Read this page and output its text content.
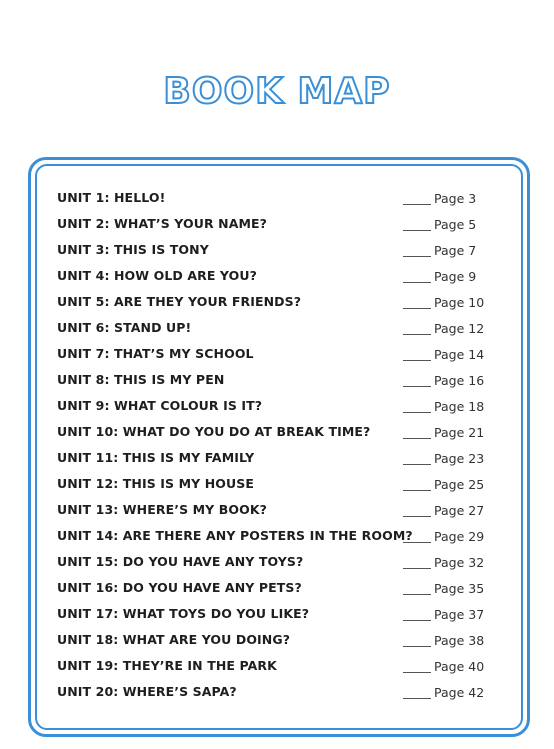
BOOK MAP
UNIT 1: HELLO!	Page 3
UNIT 2: WHAT’S YOUR NAME?	Page 5
UNIT 3: THIS IS TONY	Page 7
UNIT 4: HOW OLD ARE YOU?	Page 9
UNIT 5: ARE THEY YOUR FRIENDS?	Page 10
UNIT 6: STAND UP!	Page 12
UNIT 7: THAT’S MY SCHOOL	Page 14
UNIT 8: THIS IS MY PEN	Page 16
UNIT 9: WHAT COLOUR IS IT?	Page 18
UNIT 10: WHAT DO YOU DO AT BREAK TIME?	Page 21
UNIT 11: THIS IS MY FAMILY	Page 23
UNIT 12: THIS IS MY HOUSE	Page 25
UNIT 13: WHERE’S MY BOOK?	Page 27
UNIT 14: ARE THERE ANY POSTERS IN THE ROOM? Page 29
UNIT 15: DO YOU HAVE ANY TOYS?	Page 32
UNIT 16: DO YOU HAVE ANY PETS?	Page 35
UNIT 17: WHAT TOYS DO YOU LIKE?	Page 37
UNIT 18: WHAT ARE YOU DOING?	Page 38
UNIT 19: THEY’RE IN THE PARK	Page 40
UNIT 20: WHERE’S SAPA?	Page 42
